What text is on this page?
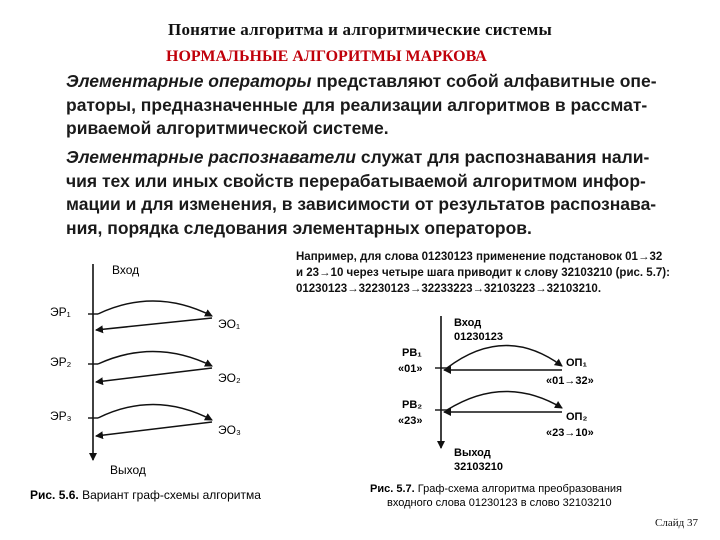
Понятие алгоритма и алгоритмические системы
НОРМАЛЬНЫЕ АЛГОРИТМЫ МАРКОВА
Элементарные операторы представляют собой алфавитные опе-
раторы, предназначенные для реализации алгоритмов в рассмат-
риваемой алгоритмической системе.
Элементарные распознаватели служат для распознавания нали-
чия тех или иных свойств перерабатываемой алгоритмом инфор-
мации и для изменения, в зависимости от результатов распознава-
ния, порядка следования элементарных операторов.
Например, для слова 01230123 применение подстановок 01→32
и 23→10 через четыре шага приводит к слову 32103210 (рис. 5.7):
01230123→32230123→32233223→32103223→32103210.
Вход
ЭР₁
ЭО₁
ЭР₂
ЭО₂
ЭР₃
ЭО₃
Выход
Рис. 5.6. Вариант граф-схемы алгоритма
Вход
01230123
РВ₁
«01»	ОП₁
«01→32»
РВ₂
«23»	ОП₂
«23→10»
Выход
32103210
Рис. 5.7. Граф-схема алгоритма преобразования
входного слова 01230123 в слово 32103210
Слайд 37
